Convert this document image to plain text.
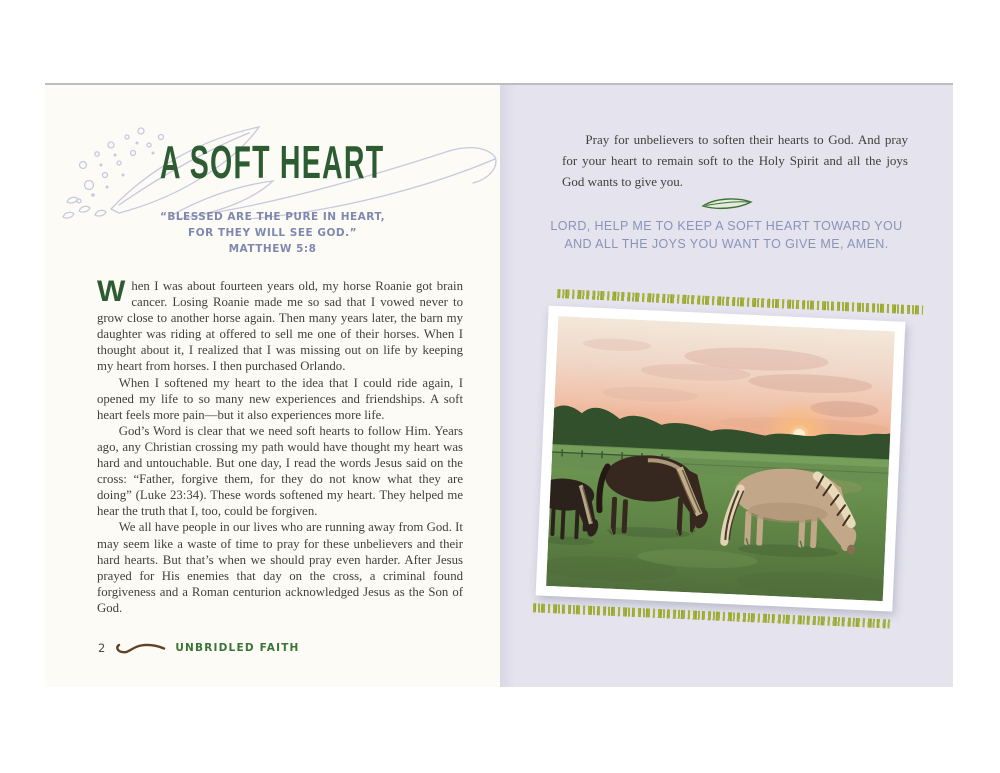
A SOFT HEART
“BLESSED ARE THE PURE IN HEART,
FOR THEY WILL SEE GOD.”
MATTHEW 5:8

When I was about fourteen years old, my horse Roanie got brain cancer. Losing Roanie made me so sad that I vowed never to grow close to another horse again. Then many years later, the barn my daughter was riding at offered to sell me one of their horses. When I thought about it, I realized that I was missing out on life by keeping my heart from horses. I then purchased Orlando.

When I softened my heart to the idea that I could ride again, I opened my life to so many new experiences and friendships. A soft heart feels more pain—but it also experiences more life.

God’s Word is clear that we need soft hearts to follow Him. Years ago, any Christian crossing my path would have thought my heart was hard and untouchable. But one day, I read the words Jesus said on the cross: “Father, forgive them, for they do not know what they are doing” (Luke 23:34). These words softened my heart. They helped me hear the truth that I, too, could be forgiven.

We all have people in our lives who are running away from God. It may seem like a waste of time to pray for these unbelievers and their hard hearts. But that’s when we should pray even harder. After Jesus prayed for His enemies that day on the cross, a criminal found forgiveness and a Roman centurion acknowledged Jesus as the Son of God.

2	UNBRIDLED FAITH

Pray for unbelievers to soften their hearts to God. And pray for your heart to remain soft to the Holy Spirit and all the joys God wants to give you.

LORD, HELP ME TO KEEP A SOFT HEART TOWARD YOU
AND ALL THE JOYS YOU WANT TO GIVE ME, AMEN.
